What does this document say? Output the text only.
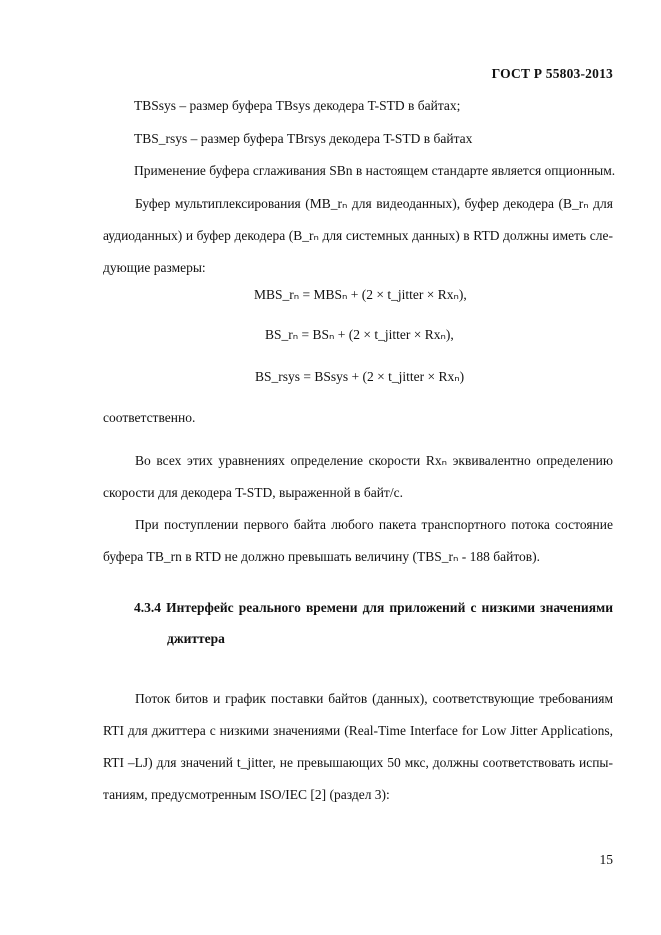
ГОСТ Р 55803-2013
TBSsys – размер буфера TBsys декодера T-STD в байтах;
TBS_rsys – размер буфера TBrsys декодера T-STD в байтах
Применение буфера сглаживания SBn в настоящем стандарте является опционным.
Буфер мультиплексирования (MB_rₙ для видеоданных), буфер декодера (B_rₙ для
аудиоданных) и буфер декодера (B_rₙ для системных данных) в RTD должны иметь сле-
дующие размеры:
MBS_rₙ = MBSₙ + (2 × t_jitter × Rxₙ),
BS_rₙ = BSₙ + (2 × t_jitter × Rxₙ),
BS_rsys = BSsys + (2 × t_jitter × Rxₙ)
соответственно.
Во всех этих уравнениях определение скорости Rxₙ эквивалентно определению
скорости для декодера T-STD, выраженной в байт/с.
При поступлении первого байта любого пакета транспортного потока состояние
буфера TB_rn в RTD не должно превышать величину (TBS_rₙ - 188 байтов).
4.3.4 Интерфейс реального времени для приложений с низкими значениями
джиттера
Поток битов и график поставки байтов (данных), соответствующие требованиям
RTI для джиттера с низкими значениями (Real-Time Interface for Low Jitter Applications,
RTI –LJ) для значений t_jitter, не превышающих 50 мкс, должны соответствовать испы-
таниям, предусмотренным ISO/IEC [2] (раздел 3):
15
